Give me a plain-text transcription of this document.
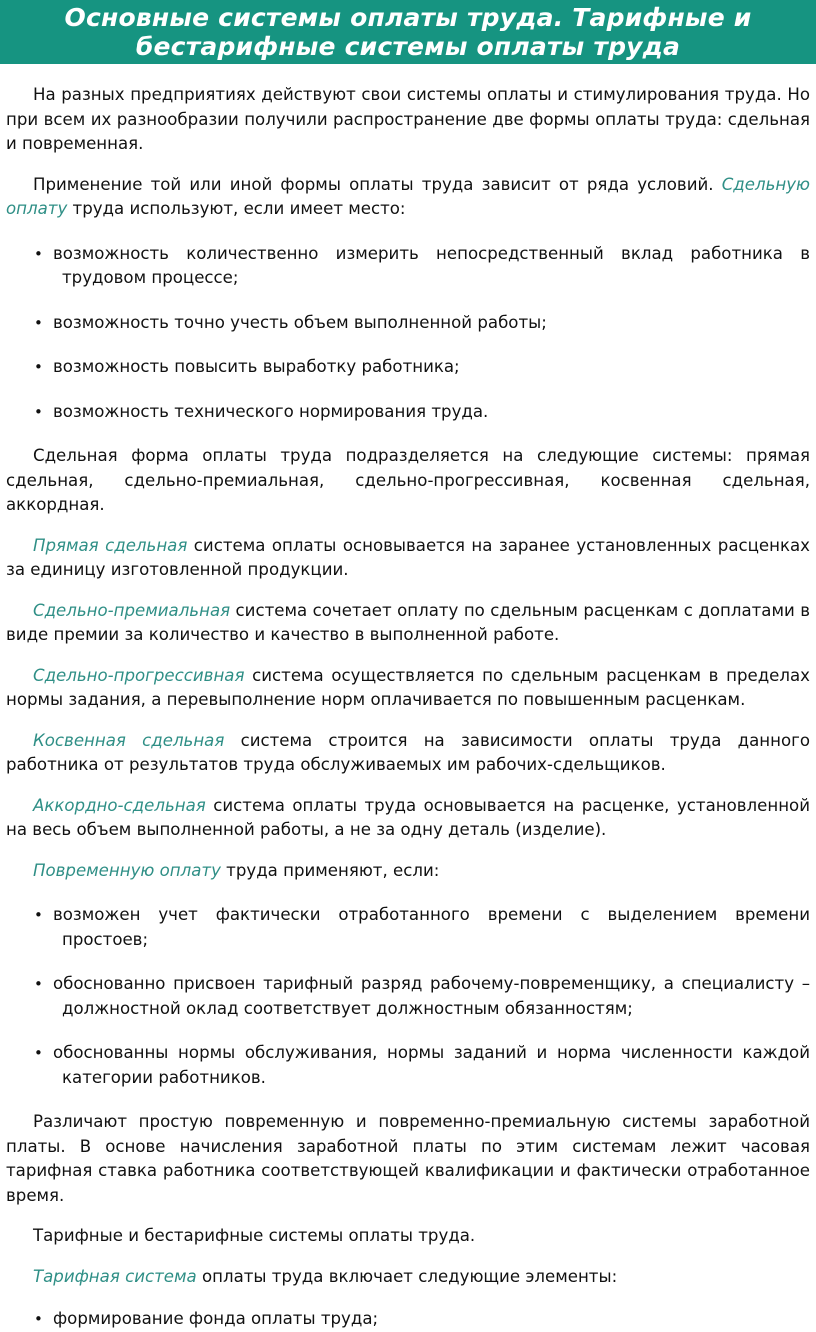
Основные системы оплаты труда. Тарифные и
бестарифные системы оплаты труда

На разных предприятиях действуют свои системы оплаты и стимулирования труда. Но при всем их разнообразии получили распространение две формы оплаты труда: сдельная и повременная.

Применение той или иной формы оплаты труда зависит от ряда условий. Сдельную оплату труда используют, если имеет место:

• возможность количественно измерить непосредственный вклад работника в трудовом процессе;
• возможность точно учесть объем выполненной работы;
• возможность повысить выработку работника;
• возможность технического нормирования труда.

Сдельная форма оплаты труда подразделяется на следующие системы: прямая сдельная, сдельно-премиальная, сдельно-прогрессивная, косвенная сдельная, аккордная.

Прямая сдельная система оплаты основывается на заранее установленных расценках за единицу изготовленной продукции.

Сдельно-премиальная система сочетает оплату по сдельным расценкам с доплатами в виде премии за количество и качество в выполненной работе.

Сдельно-прогрессивная система осуществляется по сдельным расценкам в пределах нормы задания, а перевыполнение норм оплачивается по повышенным расценкам.

Косвенная сдельная система строится на зависимости оплаты труда данного работника от результатов труда обслуживаемых им рабочих-сдельщиков.

Аккордно-сдельная система оплаты труда основывается на расценке, установленной на весь объем выполненной работы, а не за одну деталь (изделие).

Повременную оплату труда применяют, если:

• возможен учет фактически отработанного времени с выделением времени простоев;
• обоснованно присвоен тарифный разряд рабочему-повременщику, а специалисту – должностной оклад соответствует должностным обязанностям;
• обоснованны нормы обслуживания, нормы заданий и норма численности каждой категории работников.

Различают простую повременную и повременно-премиальную системы заработной платы. В основе начисления заработной платы по этим системам лежит часовая тарифная ставка работника соответствующей квалификации и фактически отработанное время.

Тарифные и бестарифные системы оплаты труда.

Тарифная система оплаты труда включает следующие элементы:

• формирование фонда оплаты труда;
